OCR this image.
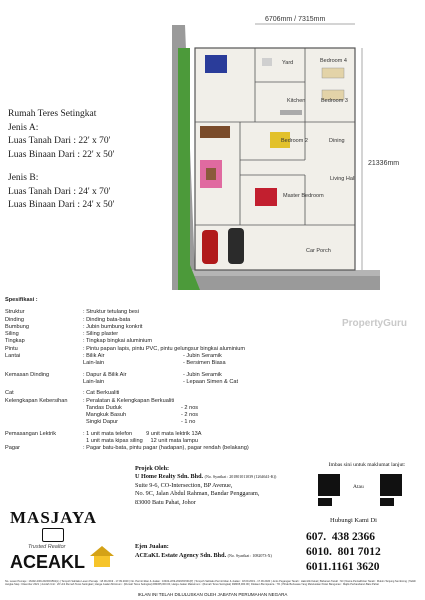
6706mm / 7315mm
21336mm
Bedroom 4
Yard
Kitchen	Bedroom 3
Bedroom 2	Dining
Living Hall
Master Bedroom
Car Porch
Rumah Teres Setingkat
Jenis A:
Luas Tanah Dari : 22' x 70'
Luas Binaan Dari : 22' x 50'
Jenis B:
Luas Tanah Dari : 24' x 70'
Luas Binaan Dari : 24' x 50'
Spesifikasi :
Struktur	: Struktur tetulang besi
Dinding	: Dinding bata-bata
Bumbung	: Jubin bumbung konkrit
Siling	: Siling plaster
Tingkap	: Tingkap bingkai aluminium
Pintu	: Pintu papan lapis, pintu PVC, pintu gelungsur bingkai aluminium
Lantai	: Bilik Air	- Jubin Seramik
Lain-lain	- Bersimen Biasa
Kemasan Dinding	: Dapur & Bilik Air	- Jubin Seramik
Lain-lain	- Lepaan Simen & Cat
Cat	: Cat Berkualiti
Kelengkapan Kebersihan	: Peralatan & Kelengkapan Berkualiti
Tandas Duduk	- 2 nos
Mangkuk Basuh	- 2 nos
Singki Dapur	- 1 no
Pemasangan Lektrik	: 1 unit mata telefon         9 unit mata lektrik 13A
1 unit mata kipas siling     12 unit mata lampu
Pagar	: Pagar batu-bata, pintu pagar (hadapan), pagar rendah (belakang)
PropertyGuru
MASJAYA
Trusted Realtor
ACEAKL
Projek Oleh:
U Home Realty Sdn. Bhd. (No. Syarikat : 201801011039 (1264641-K))
Suite 9-6, CO-Intersection, BP Avenue,
No. 9C, Jalan Abdul Rahman, Bandar Penggaram,
83000 Batu Pahat, Johor
Ejen Jualan:
ACEaKL Estate Agency Sdn. Bhd. (No. Syarikat : 1082073-X)
Imbas sini untuk maklumat lanjut:
Atau
Hubungi Kami Di
607.  438 2366
6010.  801 7012
6011.1161 3620
No. Lesen Pemaju : 16402-2/09-2020/01591(L) | Tempoh Sahlaku Lesen Pemaju : 18.09.2019 - 17.09.2020 | No. Permit Iklan & Jualan : 16402-2/09-2020/01591(P) | Tempoh Sahlaku Permit Iklan & Jualan : 18.09.2019 - 17.09.2020 | Jenis Pegangan Tanah : Hakmilik Kekal | Bebanan Tanah : Nil | Nama Pentadbiran Tanah : Mukim Tanjung Sembrong | Tarikh Jangka Siap : Disember 2021 | Jumlah Unit : 20 Unit Rumah Teres Setingkat | Harga Jualan Minimum : (Rumah Teres Setingkat) RM365,000.00, Harga Jualan Maksimum : (Rumah Teres Setingkat) RM465,000.00 | Diskaun Bumiputera : 7% | Pihak Berkuasa Yang Meluluskan Pelan Bangunan : Majlis Perbandaran Batu Pahat
IKLAN INI TELAH DILULUSKAN OLEH JABATAN PERUMAHAN NEGARA
